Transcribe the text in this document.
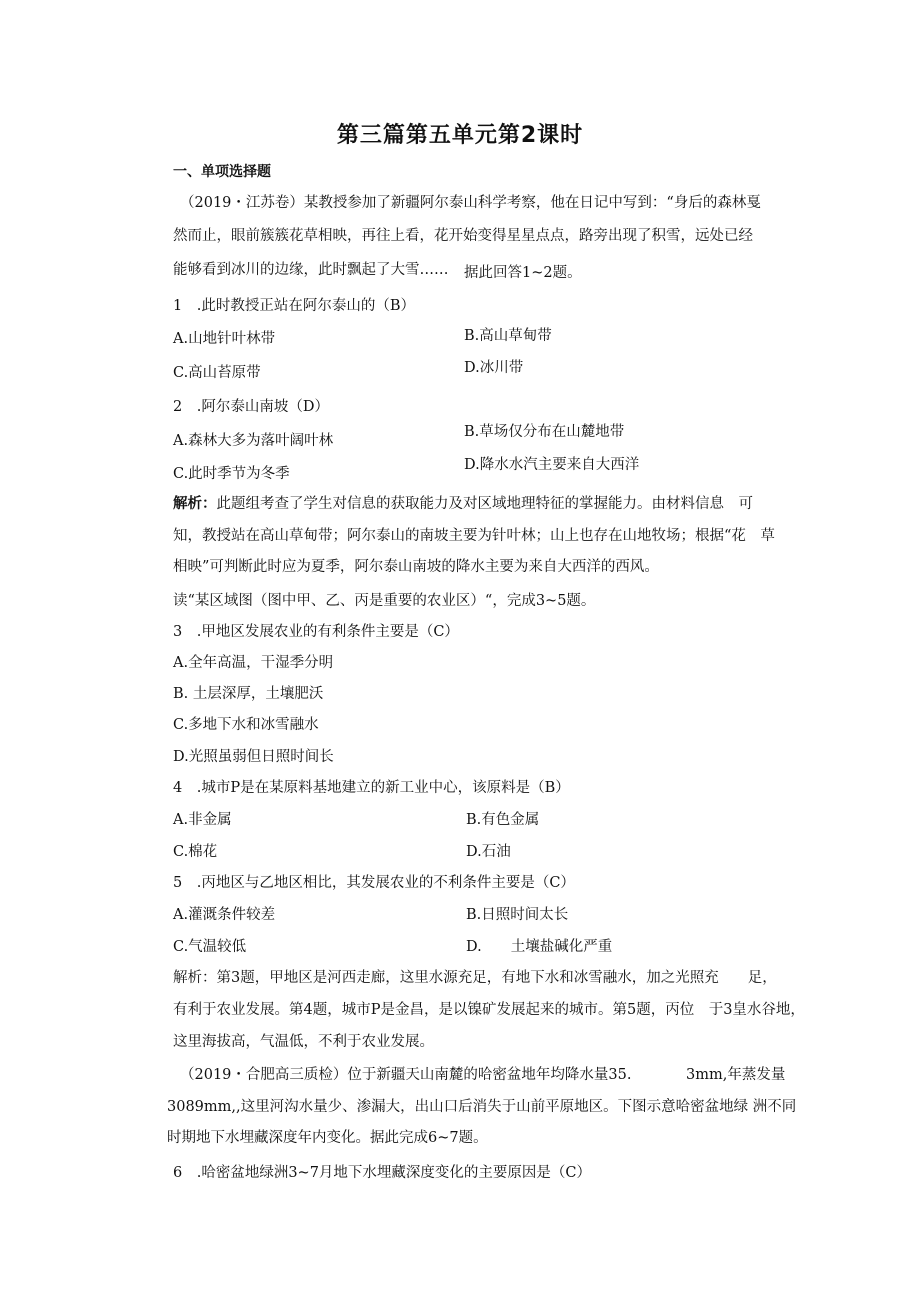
第三篇第五单元第2课时
一、单项选择题
（2019・江苏卷）某教授参加了新疆阿尔泰山科学考察，他在日记中写到：“身后的森林戛
然而止，眼前簇簇花草相映，再往上看，花开始变得星星点点，路旁出现了积雪，远处已经
能够看到冰川的边缘，此时飘起了大雪…… 据此回答1~2题。
1　.此时教授正站在阿尔泰山的（B）
A.山地针叶林带	B.高山草甸带
C.高山苔原带	D.冰川带
2　.阿尔泰山南坡（D）
A.森林大多为落叶阔叶林
B.草场仅分布在山麓地带
C.此时季节为冬季
D.降水水汽主要来自大西洋
解析：此题组考查了学生对信息的获取能力及对区域地理特征的掌握能力。由材料信息　可
知，教授站在高山草甸带；阿尔泰山的南坡主要为针叶林；山上也存在山地牧场；根据“花　草
相映”可判断此时应为夏季，阿尔泰山南坡的降水主要为来自大西洋的西风。
读“某区域图（图中甲、乙、丙是重要的农业区）“，完成3~5题。
3　.甲地区发展农业的有利条件主要是（C）
A.全年高温，干湿季分明
B. 土层深厚，土壤肥沃
C.多地下水和冰雪融水
D.光照虽弱但日照时间长
4　.城市P是在某原料基地建立的新工业中心，该原料是（B）
A.非金属	B.有色金属
C.棉花	D.石油
5　.丙地区与乙地区相比，其发展农业的不利条件主要是（C）
A.灌溉条件较差	B.日照时间太长
C.气温较低	D.　　土壤盐碱化严重
解析：第3题，甲地区是河西走廊，这里水源充足，有地下水和冰雪融水，加之光照充　　足，
有利于农业发展。第4题，城市P是金昌，是以镍矿发展起来的城市。第5题，丙位　于3皇水谷地，
这里海拔高，气温低，不利于农业发展。
（2019・合肥高三质检）位于新疆天山南麓的哈密盆地年均降水量35.	3mm,年蒸发量
3089mm,,这里河沟水量少、渗漏大，出山口后消失于山前平原地区。下图示意哈密盆地绿 洲不同
时期地下水埋藏深度年内变化。据此完成6~7题。
6　.哈密盆地绿洲3~7月地下水埋藏深度变化的主要原因是（C）
